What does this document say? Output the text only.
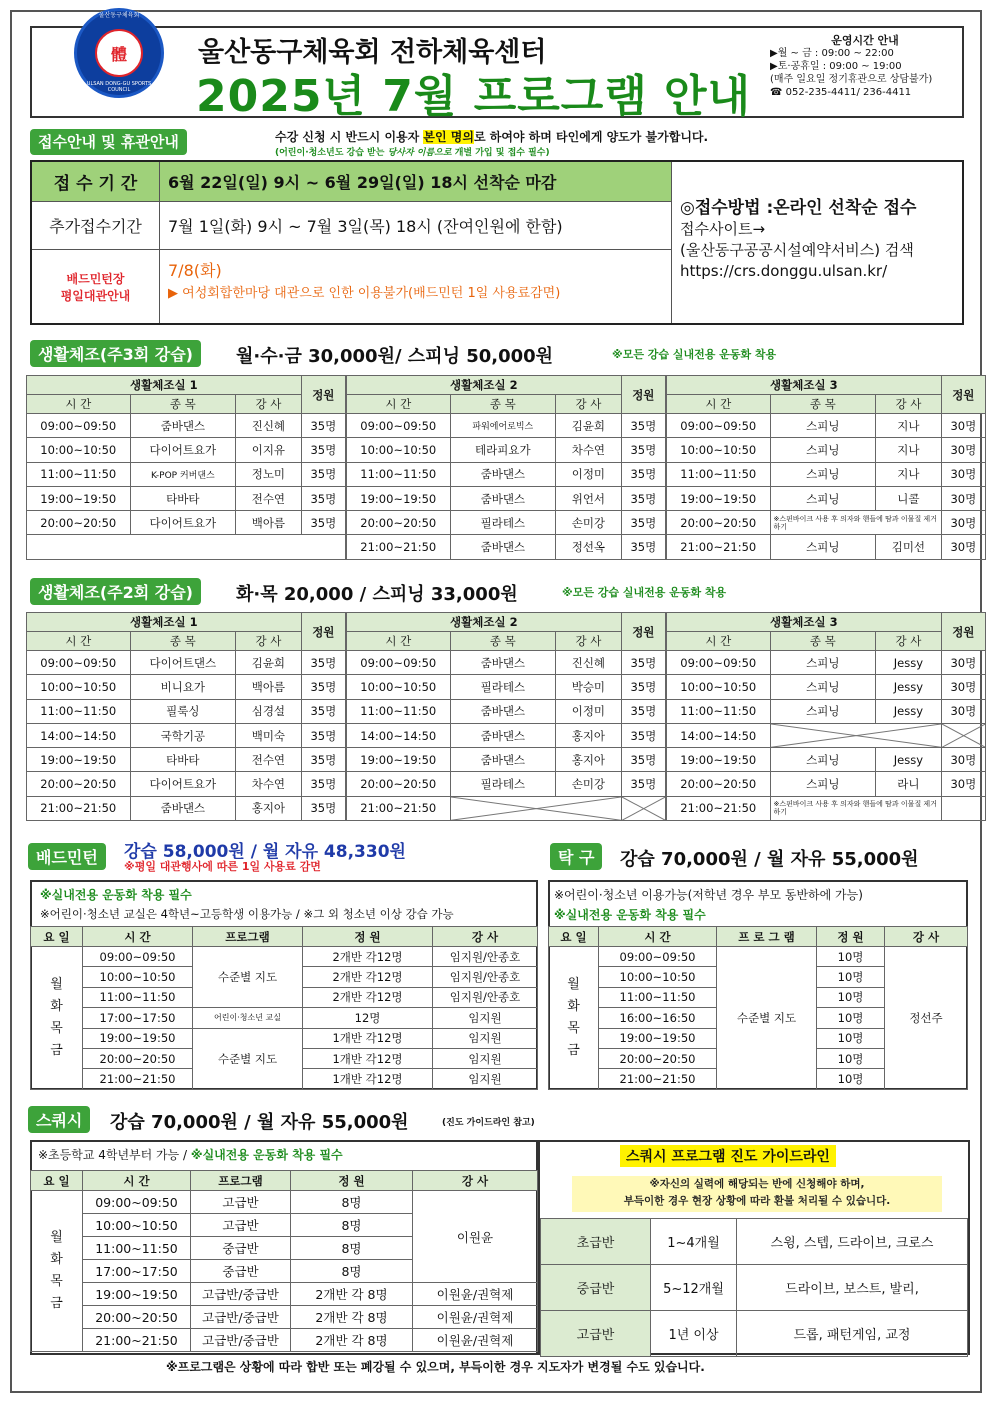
울산동구체육회
體
ULSAN DONG-GU SPORTS COUNCIL
울산동구체육회 전하체육센터
2025년 7월 프로그램 안내
운영시간 안내
▶월 ~ 금 : 09:00 ~ 22:00
▶토·공휴일 : 09:00 ~ 19:00
(매주 일요일 정기휴관으로 상담불가)
☎ 052-235-4411/ 236-4411
접수안내 및 휴관안내	수강 신청 시 반드시 이용자 본인 명의로 하여야 하며 타인에게 양도가 불가합니다.
(어린이·청소년도 강습 받는 당사자 이름으로 개별 가입 및 접수 필수)
접 수 기 간	6월 22일(일) 9시 ~ 6월 29일(일) 18시 선착순 마감
추가접수기간	7월 1일(화) 9시 ~ 7월 3일(목) 18시 (잔여인원에 한함)
배드민턴장
평일대관안내
7/8(화)
▶ 여성회합한마당 대관으로 인한 이용불가(배드민턴 1일 사용료감면)
◎접수방법 :온라인 선착순 접수
접수사이트→
(울산동구공공시설예약서비스) 검색
https://crs.donggu.ulsan.kr/
생활체조(주3회 강습)	월·수·금 30,000원/ 스피닝 50,000원	※모든 강습 실내전용 운동화 착용
생활체조실 1			정원
시 간	종 목	강 사	
09:00~09:50	줌바댄스	진신혜	35명
10:00~10:50	다이어트요가	이지유	35명
11:00~11:50	K-POP 커버댄스	정노미	35명
19:00~19:50	타바타	전수연	35명
20:00~20:50	다이어트요가	백아름	35명

생활체조실 2			정원
시 간	종 목	강 사	
09:00~09:50	파워에어로빅스	김윤희	35명
10:00~10:50	테라피요가	차수연	35명
11:00~11:50	줌바댄스	이정미	35명
19:00~19:50	줌바댄스	위언서	35명
20:00~20:50	필라테스	손미강	35명
21:00~21:50	줌바댄스	정선옥	35명
생활체조실 3			정원
시 간	종 목	강 사	
09:00~09:50	스피닝	지나	30명
10:00~10:50	스피닝	지나	30명
11:00~11:50	스피닝	지나	30명
19:00~19:50	스피닝	니콜	30명
20:00~20:50	※스핀바이크 사용 후 의자와 핸들에 땀과 이물질 제거하기		30명
21:00~21:50	스피닝	김미선	30명
생활체조(주2회 강습)	화·목 20,000 / 스피닝 33,000원	※모든 강습 실내전용 운동화 착용
생활체조실 1			정원
시 간	종 목	강 사	
09:00~09:50	다이어트댄스	김윤희	35명
10:00~10:50	비니요가	백아름	35명
11:00~11:50	필룩싱	심경설	35명
14:00~14:50	국학기공	백미숙	35명
19:00~19:50	타바타	전수연	35명
20:00~20:50	다이어트요가	차수연	35명
21:00~21:50	줌바댄스	홍지아	35명
생활체조실 2			정원
시 간	종 목	강 사	
09:00~09:50	줌바댄스	진신혜	35명
10:00~10:50	필라테스	박승미	35명
11:00~11:50	줌바댄스	이정미	35명
14:00~14:50	줌바댄스	홍지아	35명
19:00~19:50	줌바댄스	홍지아	35명
20:00~20:50	필라테스	손미강	35명
21:00~21:50	

생활체조실 3			정원
시 간	종 목	강 사	
09:00~09:50	스피닝	Jessy	30명
10:00~10:50	스피닝	Jessy	30명
11:00~11:50	스피닝	Jessy	30명
14:00~14:50	

19:00~19:50	스피닝	Jessy	30명
20:00~20:50	스피닝	라니	30명
21:00~21:50	※스핀바이크 사용 후 의자와 핸들에 땀과 이물질 제거하기		
배드민턴	강습 58,000원 / 월 자유 48,330원
※평일 대관행사에 따른 1일 사용료 감면
※실내전용 운동화 착용 필수
※어린이·청소년 교실은 4학년~고등학생 이용가능 / ※그 외 청소년 이상 강습 가능
요 일	시 간	프로그램	정 원	강 사
월
화
목
금	09:00~09:50	수준별 지도	2개반 각12명	임지원/안종호
	10:00~10:50		2개반 각12명	임지원/안종호
	11:00~11:50		2개반 각12명	임지원/안종호
	17:00~17:50	어린이·청소년 교실	12명	임지원
	19:00~19:50	수준별 지도	1개반 각12명	임지원
	20:00~20:50		1개반 각12명	임지원
	21:00~21:50		1개반 각12명	임지원
탁 구	강습 70,000원 / 월 자유 55,000원
※어린이·청소년 이용가능(저학년 경우 부모 동반하에 가능)
※실내전용 운동화 착용 필수
요 일	시 간	프 로 그 램	정 원	강 사
월
화
목
금	09:00~09:50	수준별 지도	10명	정선주
	10:00~10:50		10명	
	11:00~11:50		10명	
	16:00~16:50		10명	
	19:00~19:50		10명	
	20:00~20:50		10명	
	21:00~21:50		10명	
스쿼시	강습 70,000원 / 월 자유 55,000원	(진도 가이드라인 참고)
※초등학교 4학년부터 가능 / ※실내전용 운동화 착용 필수
요 일	시 간	프로그램	정 원	강 사
월
화
목
금	09:00~09:50	고급반	8명	이원윤
	10:00~10:50	고급반	8명	
	11:00~11:50	중급반	8명	
	17:00~17:50	중급반	8명	
	19:00~19:50	고급반/중급반	2개반 각 8명	이원윤/권혁제
	20:00~20:50	고급반/중급반	2개반 각 8명	이원윤/권혁제
	21:00~21:50	고급반/중급반	2개반 각 8명	이원윤/권혁제
스쿼시 프로그램 진도 가이드라인
※자신의 실력에 해당되는 반에 신청해야 하며,
부득이한 경우 현장 상황에 따라 환불 처리될 수 있습니다.
초급반	1~4개월	스윙, 스텝, 드라이브, 크로스
중급반	5~12개월	드라이브, 보스트, 발리,
고급반	1년 이상	드롭, 패턴게임, 교정
※프로그램은 상황에 따라 합반 또는 폐강될 수 있으며, 부득이한 경우 지도자가 변경될 수도 있습니다.
